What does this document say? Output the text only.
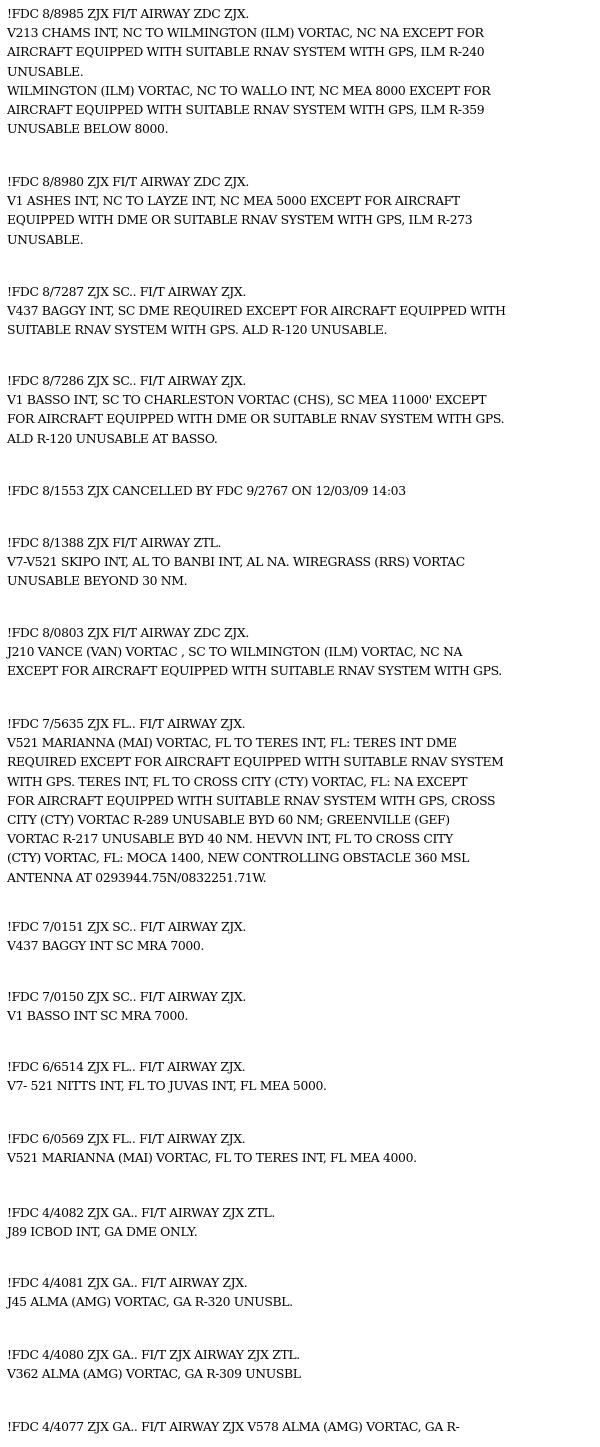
!FDC 8/8985 ZJX FI/T AIRWAY ZDC ZJX.
V213 CHAMS INT, NC TO WILMINGTON (ILM) VORTAC, NC NA EXCEPT FOR
AIRCRAFT EQUIPPED WITH SUITABLE RNAV SYSTEM WITH GPS, ILM R-240
UNUSABLE.
WILMINGTON (ILM) VORTAC, NC TO WALLO INT, NC MEA 8000 EXCEPT FOR
AIRCRAFT EQUIPPED WITH SUITABLE RNAV SYSTEM WITH GPS, ILM R-359
UNUSABLE BELOW 8000.
!FDC 8/8980 ZJX FI/T AIRWAY ZDC ZJX.
V1 ASHES INT, NC TO LAYZE INT, NC MEA 5000 EXCEPT FOR AIRCRAFT
EQUIPPED WITH DME OR SUITABLE RNAV SYSTEM WITH GPS, ILM R-273
UNUSABLE.
!FDC 8/7287 ZJX SC.. FI/T AIRWAY ZJX.
V437 BAGGY INT, SC DME REQUIRED EXCEPT FOR AIRCRAFT EQUIPPED WITH
SUITABLE RNAV SYSTEM WITH GPS. ALD R-120 UNUSABLE.
!FDC 8/7286 ZJX SC.. FI/T AIRWAY ZJX.
V1 BASSO INT, SC TO CHARLESTON VORTAC (CHS), SC MEA 11000' EXCEPT
FOR AIRCRAFT EQUIPPED WITH DME OR SUITABLE RNAV SYSTEM WITH GPS.
ALD R-120 UNUSABLE AT BASSO.
!FDC 8/1553 ZJX CANCELLED BY FDC 9/2767 ON 12/03/09 14:03
!FDC 8/1388 ZJX FI/T AIRWAY ZTL.
V7-V521 SKIPO INT, AL TO BANBI INT, AL NA. WIREGRASS (RRS) VORTAC
UNUSABLE BEYOND 30 NM.
!FDC 8/0803 ZJX FI/T AIRWAY ZDC ZJX.
J210 VANCE (VAN) VORTAC , SC TO WILMINGTON (ILM) VORTAC, NC NA
EXCEPT FOR AIRCRAFT EQUIPPED WITH SUITABLE RNAV SYSTEM WITH GPS.
!FDC 7/5635 ZJX FL.. FI/T AIRWAY ZJX.
V521 MARIANNA (MAI) VORTAC, FL TO TERES INT, FL: TERES INT DME
REQUIRED EXCEPT FOR AIRCRAFT EQUIPPED WITH SUITABLE RNAV SYSTEM
WITH GPS. TERES INT, FL TO CROSS CITY (CTY) VORTAC, FL: NA EXCEPT
FOR AIRCRAFT EQUIPPED WITH SUITABLE RNAV SYSTEM WITH GPS, CROSS
CITY (CTY) VORTAC R-289 UNUSABLE BYD 60 NM; GREENVILLE (GEF)
VORTAC R-217 UNUSABLE BYD 40 NM. HEVVN INT, FL TO CROSS CITY
(CTY) VORTAC, FL: MOCA 1400, NEW CONTROLLING OBSTACLE 360 MSL
ANTENNA AT 0293944.75N/0832251.71W.
!FDC 7/0151 ZJX SC.. FI/T AIRWAY ZJX.
V437 BAGGY INT SC MRA 7000.
!FDC 7/0150 ZJX SC.. FI/T AIRWAY ZJX.
V1 BASSO INT SC MRA 7000.
!FDC 6/6514 ZJX FL.. FI/T AIRWAY ZJX.
V7- 521 NITTS INT, FL TO JUVAS INT, FL MEA 5000.
!FDC 6/0569 ZJX FL.. FI/T AIRWAY ZJX.
V521 MARIANNA (MAI) VORTAC, FL TO TERES INT, FL MEA 4000.
!FDC 4/4082 ZJX GA.. FI/T AIRWAY ZJX ZTL.
J89 ICBOD INT, GA DME ONLY.
!FDC 4/4081 ZJX GA.. FI/T AIRWAY ZJX.
J45 ALMA (AMG) VORTAC, GA R-320 UNUSBL.
!FDC 4/4080 ZJX GA.. FI/T ZJX AIRWAY ZJX ZTL.
V362 ALMA (AMG) VORTAC, GA R-309 UNUSBL
!FDC 4/4077 ZJX GA.. FI/T AIRWAY ZJX V578 ALMA (AMG) VORTAC, GA R-
